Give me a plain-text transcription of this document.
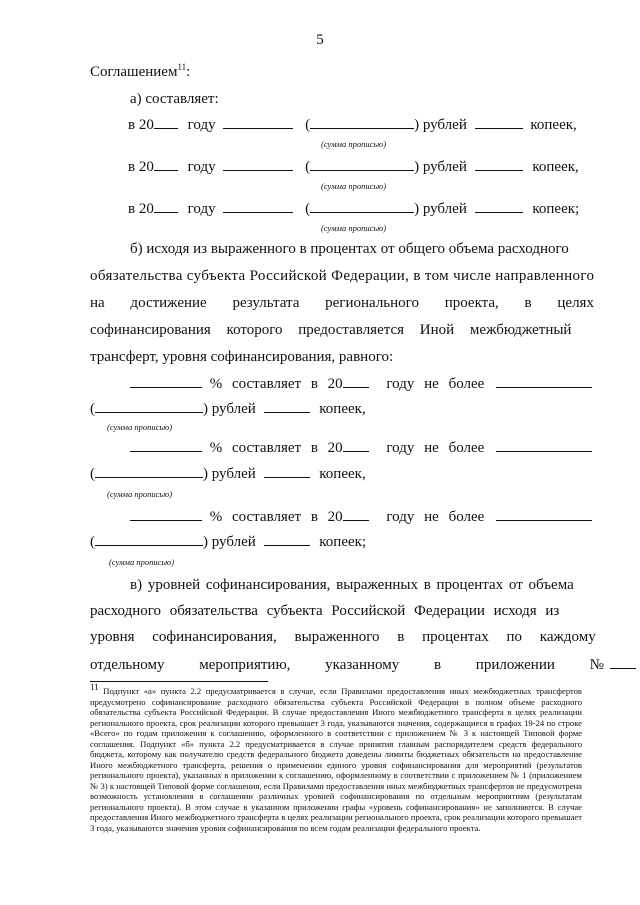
5
Соглашением$^{11}$:
а) составляет:
в 20 году	(	) рублей	копеек,
(сумма прописью)
в 20 году	(	) рублей	копеек,
(сумма прописью)
в 20 году	(	) рублей	копеек;
(сумма прописью)
б) исходя из выраженного в процентах от общего объема расходного
обязательства субъекта Российской Федерации, в том числе направленного
на достижение результата регионального проекта, в целях
софинансирования которого предоставляется Иной межбюджетный
трансферт, уровня софинансирования, равного:
% составляет в 20	году не более
(	) рублей	копеек,
(сумма прописью)
% составляет в 20	году не более
(	) рублей	копеек,
(сумма прописью)
% составляет в 20	году не более
(	) рублей	копеек;
(сумма прописью)
в) уровней софинансирования, выраженных в процентах от объема
расходного обязательства субъекта Российской Федерации исходя из
уровня софинансирования, выраженного в процентах по каждому
отдельному мероприятию, указанному в приложении №
$^{11}$ Подпункт «а» пункта 2.2 предусматривается в случае, если Правилами предоставления иных межбюджетных трансфертов предусмотрено софинансирование расходного обязательства субъекта Российской Федерации в полном объеме расходного обязательства субъекта Российской Федерации. В случае предоставления Иного межбюджетного трансферта в целях реализации регионального проекта, срок реализации которого превышает 3 года, указываются значения, содержащиеся в графах 19-24 по строке «Всего» по годам приложения к соглашению, оформленного в соответствии с приложением № 3 к настоящей Типовой форме соглашения. Подпункт «б» пункта 2.2 предусматривается в случае принятия главным распорядителем средств федерального бюджета, которому как получателю средств федерального бюджета доведены лимиты бюджетных обязательств на предоставление Иного межбюджетного трансферта, решения о применении единого уровня софинансирования для мероприятий (результатов регионального проекта), указанных в приложении к соглашению, оформленному в соответствии с приложением № 1 (приложением № 3) к настоящей Типовой форме соглашения, если Правилами предоставления иных межбюджетных трансфертов не предусмотрена возможность установления в соглашении различных уровней софинансирования по отдельным мероприятиям (результатам регионального проекта). В этом случае в указанном приложении графы «уровень софинансирования» не заполняются. В случае предоставления Иного межбюджетного трансферта в целях реализации регионального проекта, срок реализации которого превышает 3 года, указываются значения уровня софинансирования по всем годам реализации федерального проекта.
